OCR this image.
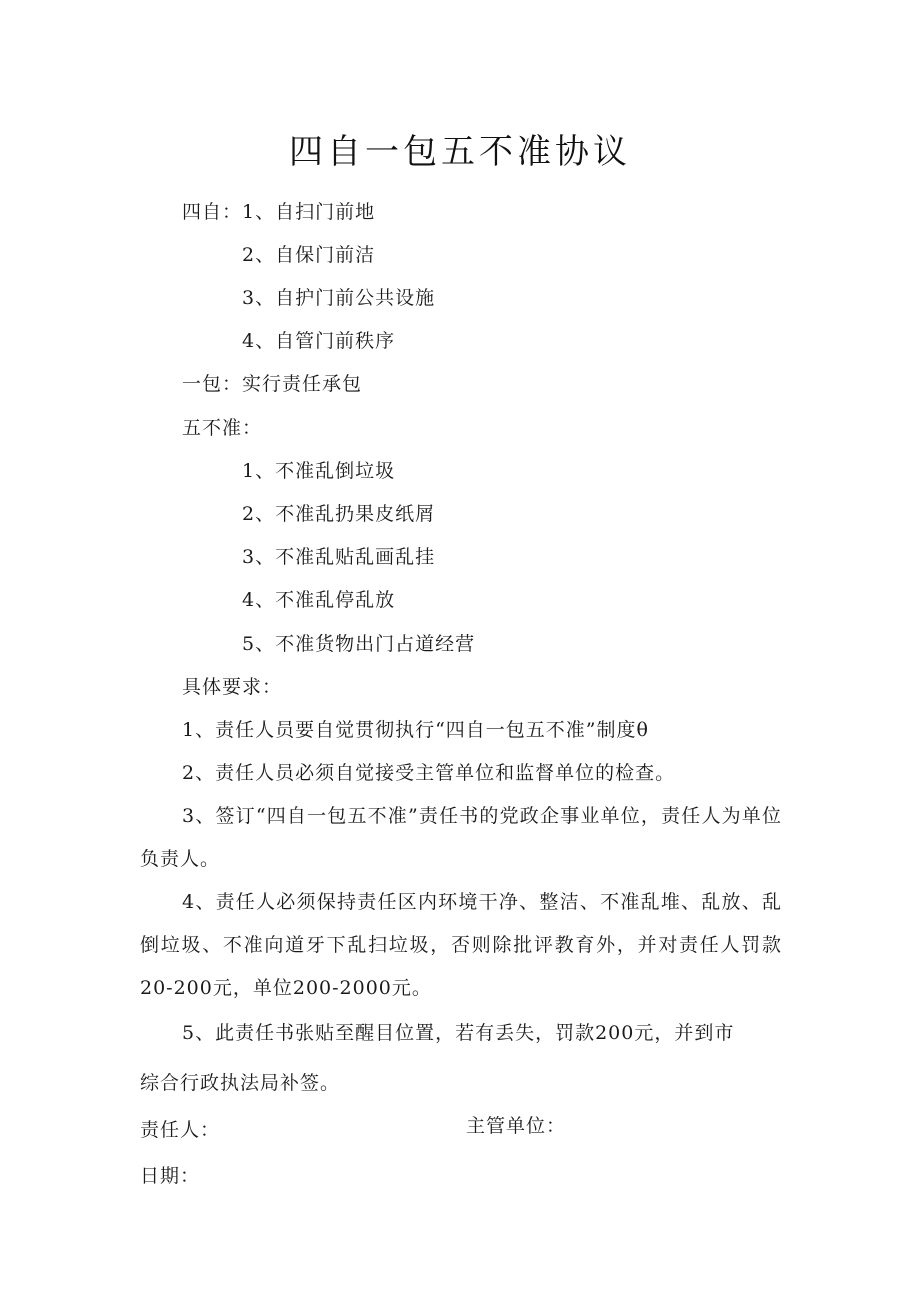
四自一包五不准协议
四自：1、自扫门前地
2、自保门前洁
3、自护门前公共设施
4、自管门前秩序
一包：实行责任承包
五不准：
1、不准乱倒垃圾
2、不准乱扔果皮纸屑
3、不准乱贴乱画乱挂
4、不准乱停乱放
5、不准货物出门占道经营
具体要求：
1、责任人员要自觉贯彻执行“四自一包五不准”制度θ
2、责任人员必须自觉接受主管单位和监督单位的检查。
3、签订“四自一包五不准”责任书的党政企事业单位，责任人为单位负责人。
4、责任人必须保持责任区内环境干净、整洁、不准乱堆、乱放、乱倒垃圾、不准向道牙下乱扫垃圾，否则除批评教育外，并对责任人罚款20-200元，单位200-2000元。
5、此责任书张贴至醒目位置，若有丢失，罚款200元，并到市
综合行政执法局补签。
责任人：	主管单位：
日期：
